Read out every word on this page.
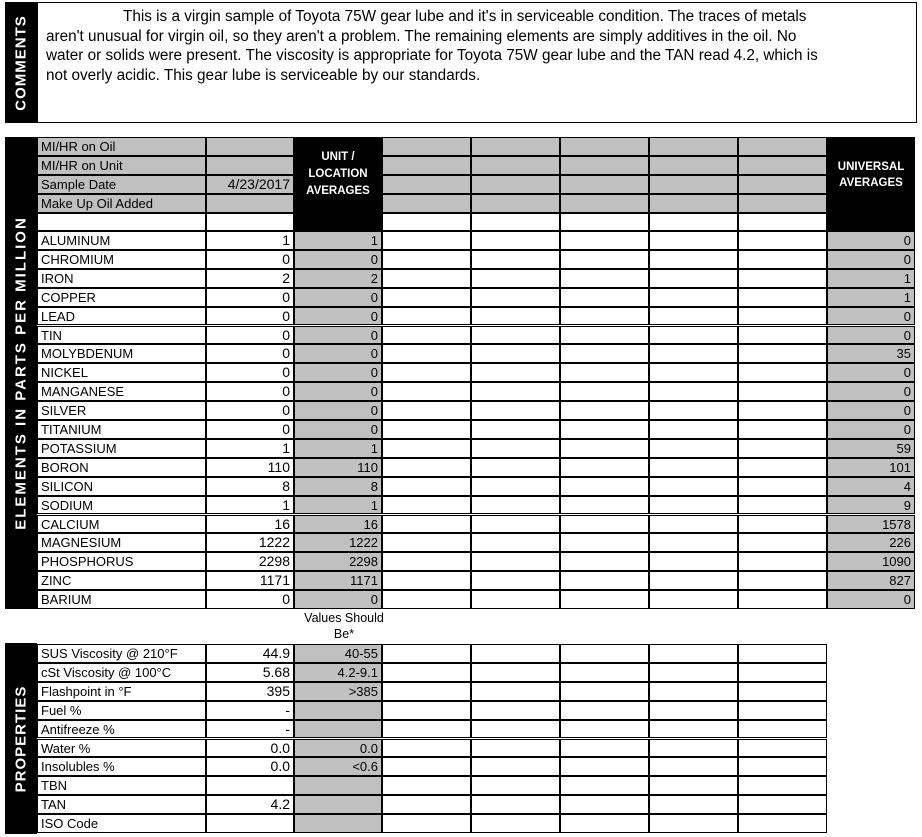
COMMENTS	This is a virgin sample of Toyota 75W gear lube and it's in serviceable condition. The traces of metals aren't unusual for virgin oil, so they aren't a problem. The remaining elements are simply additives in the oil. No water or solids were present. The viscosity is appropriate for Toyota 75W gear lube and the TAN read 4.2, which is not overly acidic. This gear lube is serviceable by our standards.
ELEMENTS IN PARTS PER MILLION
MI/HR on Oil
MI/HR on Unit
Sample Date	4/23/2017
Make Up Oil Added
ALUMINUM	1	1	0
CHROMIUM	0	0	0
IRON	2	2	1
COPPER	0	0	1
LEAD	0	0	0
TIN	0	0	0
MOLYBDENUM	0	0	35
NICKEL	0	0	0
MANGANESE	0	0	0
SILVER	0	0	0
TITANIUM	0	0	0
POTASSIUM	1	1	59
BORON	110	110	101
SILICON	8	8	4
SODIUM	1	1	9
CALCIUM	16	16	1578
MAGNESIUM	1222	1222	226
PHOSPHORUS	2298	2298	1090
ZINC	1171	1171	827
BARIUM	0	0	0
UNIT / LOCATION AVERAGES
UNIVERSAL AVERAGES
Values Should Be*
PROPERTIES
SUS Viscosity @ 210°F	44.9	40-55
cSt Viscosity @ 100°C	5.68	4.2-9.1
Flashpoint in °F	395	>385
Fuel %	-
Antifreeze %	-
Water %	0.0	0.0
Insolubles %	0.0	<0.6
TBN
TAN	4.2
ISO Code
